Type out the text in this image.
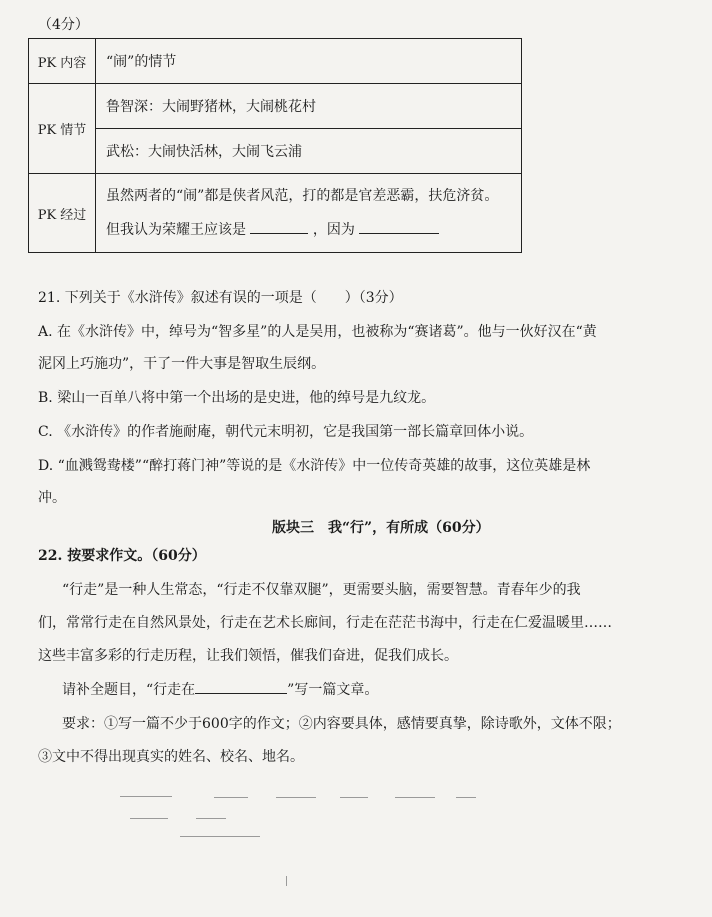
（4分）
PK 内容	“闹”的情节
PK 情节	鲁智深：大闹野猪林，大闹桃花村
	武松：大闹快活林，大闹飞云浦
PK 经过	虽然两者的“闹”都是侠者风范，打的都是官差恶霸，扶危济贫。
但我认为荣耀王应该是 ，因为
21. 下列关于《水浒传》叙述有误的一项是（　　）（3分）
A. 在《水浒传》中，绰号为“智多星”的人是吴用，也被称为“赛诸葛”。他与一伙好汉在“黄
泥冈上巧施功”，干了一件大事是智取生辰纲。
B. 梁山一百单八将中第一个出场的是史进，他的绰号是九纹龙。
C. 《水浒传》的作者施耐庵，朝代元末明初，它是我国第一部长篇章回体小说。
D. “血溅鸳鸯楼”“醉打蒋门神”等说的是《水浒传》中一位传奇英雄的故事，这位英雄是林
冲。
版块三　我“行”，有所成（60分）
22. 按要求作文。（60分）
“行走”是一种人生常态，“行走不仅靠双腿”，更需要头脑，需要智慧。青春年少的我
们，常常行走在自然风景处，行走在艺术长廊间，行走在茫茫书海中，行走在仁爱温暖里……
这些丰富多彩的行走历程，让我们领悟，催我们奋进，促我们成长。
请补全题目，“行走在	”写一篇文章。
要求：①写一篇不少于600字的作文；②内容要具体，感情要真挚，除诗歌外，文体不限；
③文中不得出现真实的姓名、校名、地名。
